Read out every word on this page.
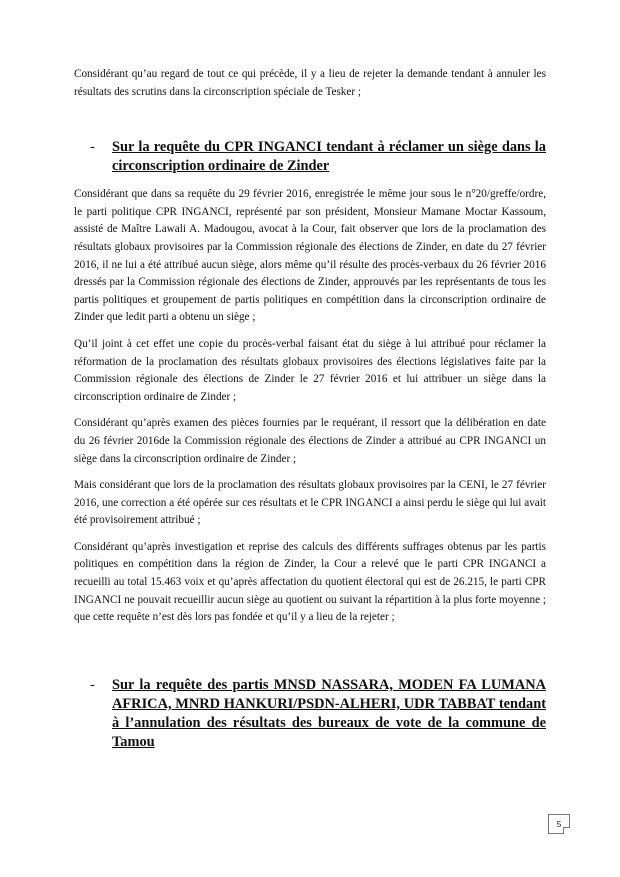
Considérant qu’au regard de tout ce qui précède, il y a lieu de rejeter la demande tendant à annuler les résultats des scrutins dans la circonscription spéciale de Tesker ;

-	Sur la requête du CPR INGANCI tendant à réclamer un siège dans la circonscription ordinaire de Zinder

Considérant que dans sa requête du 29 février 2016, enregistrée le même jour sous le n°20/greffe/ordre, le parti politique CPR INGANCI, représenté par son président, Monsieur Mamane Moctar Kassoum, assisté de Maître Lawali A. Madougou, avocat à la Cour, fait observer que lors de la proclamation des résultats globaux provisoires par la Commission régionale des élections de Zinder, en date du 27 février 2016, il ne lui a été attribué aucun siège, alors même qu’il résulte des procès-verbaux du 26 février 2016 dressés par la Commission régionale des élections de Zinder, approuvés par les représentants de tous les partis politiques et groupement de partis politiques en compétition dans la circonscription ordinaire de Zinder que ledit parti a obtenu un siège ;

Qu’il joint à cet effet une copie du procès-verbal faisant état du siège à lui attribué pour réclamer la réformation de la proclamation des résultats globaux provisoires des élections législatives faite par la Commission régionale des élections de Zinder le 27 février 2016 et lui attribuer un siège dans la circonscription ordinaire de Zinder ;

Considérant qu’après examen des pièces fournies par le requérant, il ressort que la délibération en date du 26 février 2016de la Commission régionale des élections de Zinder a attribué au CPR INGANCI un siège dans la circonscription ordinaire de Zinder ;

Mais considérant que lors de la proclamation des résultats globaux provisoires par la CENI, le 27 février 2016, une correction a été opérée sur ces résultats et le CPR INGANCI a ainsi perdu le siège qui lui avait été provisoirement attribué ;

Considérant qu’après investigation et reprise des calculs des différents suffrages obtenus par les partis politiques en compétition dans la région de Zinder, la Cour a relevé que le parti CPR INGANCI a recueilli au total 15.463 voix et qu’après affectation du quotient électoral qui est de 26.215, le parti CPR INGANCI ne pouvait recueillir aucun siège au quotient ou suivant la répartition à la plus forte moyenne ; que cette requête n’est dès lors pas fondée et qu’il y a lieu de la rejeter ;

-	Sur la requête des partis MNSD NASSARA, MODEN FA LUMANA AFRICA, MNRD HANKURI/PSDN-ALHERI, UDR TABBAT tendant à l’annulation des résultats des bureaux de vote de la commune de Tamou
5
